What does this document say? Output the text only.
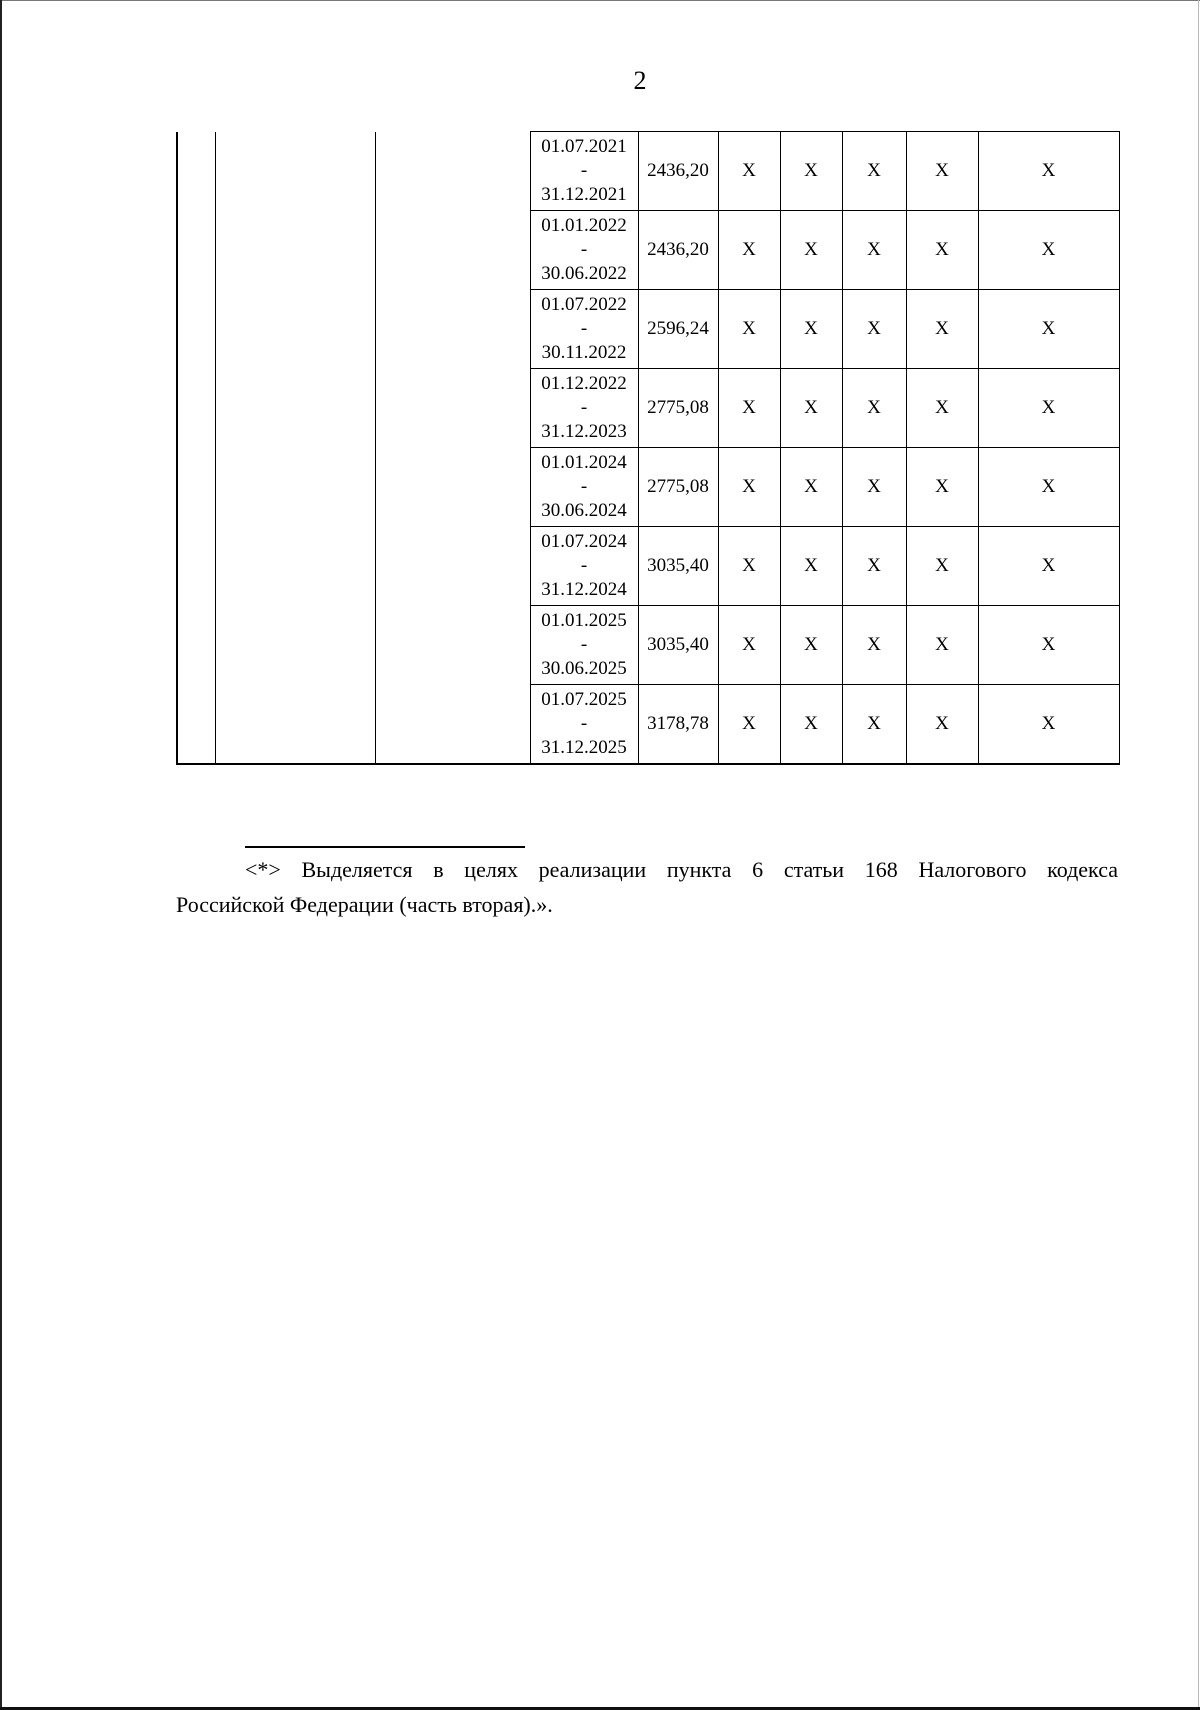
2

			01.07.2021
-
31.12.2021	2436,20	X	X	X	X	X

			01.01.2022
-
30.06.2022	2436,20	X	X	X	X	X

			01.07.2022
-
30.11.2022	2596,24	X	X	X	X	X

			01.12.2022
-
31.12.2023	2775,08	X	X	X	X	X

			01.01.2024
-
30.06.2024	2775,08	X	X	X	X	X

			01.07.2024
-
31.12.2024	3035,40	X	X	X	X	X

			01.01.2025
-
30.06.2025	3035,40	X	X	X	X	X

			01.07.2025
-
31.12.2025	3178,78	X	X	X	X	X
<*> Выделяется в целях реализации пункта 6 статьи 168 Налогового кодекса
Российской Федерации (часть вторая).».
